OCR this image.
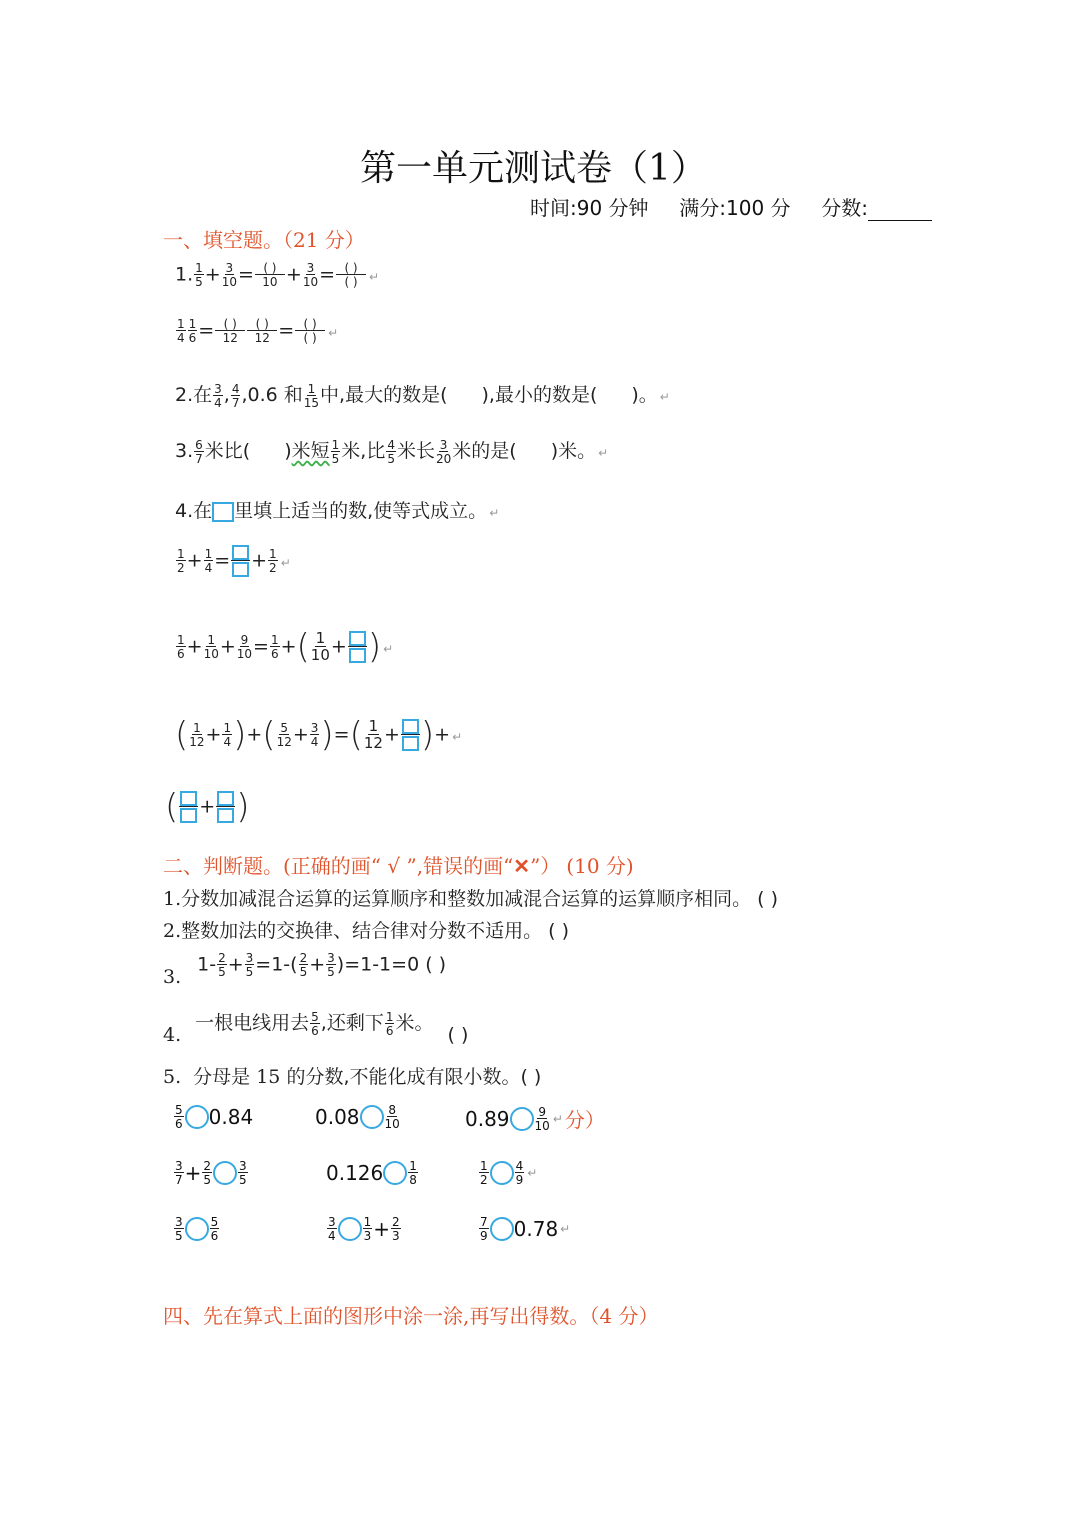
第一单元测试卷（1）
时间:90 分钟 满分:100 分 分数:
一、填空题。（21 分）
1. $\frac{1}{5} + \frac{3}{10} = \frac{( )}{10} + \frac{3}{10} = \frac{( )}{( )}$ ↵
$\frac{1}{4} \frac{1}{6} = \frac{( )}{12} \frac{( )}{12} = \frac{( )}{( )}$ ↵
2.在 $\frac{3}{4}$ , $\frac{4}{7} ,0.6$ 和 $\frac{1}{15}$ 中,最大的数是( ),最小的数是( )。 ↵
3. $\frac{6}{7}$ 米比( )米短 $\frac{1}{5}$ 米,比 $\frac{4}{5}$ 米长 $\frac{3}{20}$ 米的是( )米。 ↵
4.在 里填上适当的数,使等式成立。 ↵
$\frac{1}{2} + \frac{1}{4}$ = + $\frac{1}{2}$ ↵
$\frac{1}{6} + \frac{1}{10} + \frac{9}{10} = \frac{1}{6}$ +( $\frac{1}{10}$ + ) ↵
( $\frac{1}{12} + \frac{1}{4}$ )+( $\frac{5}{12} + \frac{3}{4}$ )=( $\frac{1}{12}$ + )+ ↵
( + )
二、判断题。(正确的画“ √ ”,错误的画“✕”） (10 分)
1.分数加减混合运算的运算顺序和整数加减混合运算的运算顺序相同。 ( )
2.整数加法的交换律、结合律对分数不适用。 ( )
$3.1- \frac{2}{5} + \frac{3}{5} =1-( \frac{2}{5} + \frac{3}{5} )=1-1=0$ ( )
4.一根电线用去 $\frac{5}{6}$ ,还剩下 $\frac{1}{6}$ 米。( )
5. 分母是 15 的分数,不能化成有限小数。( )
$\frac{5}{6} 0.84$	$0.08 \frac{8}{10}$	$0.89 \frac{9}{10}$ ↵ 分）
$\frac{3}{7} + \frac{2}{5} \frac{3}{5}$	$0.126 \frac{1}{8}$	$\frac{1}{2} \frac{4}{9}$ ↵
$\frac{3}{5} \frac{5}{6}$	$\frac{3}{4} \frac{1}{3} + \frac{2}{3}$	$\frac{7}{9} 0.78$ ↵
四、先在算式上面的图形中涂一涂,再写出得数。（4 分）
